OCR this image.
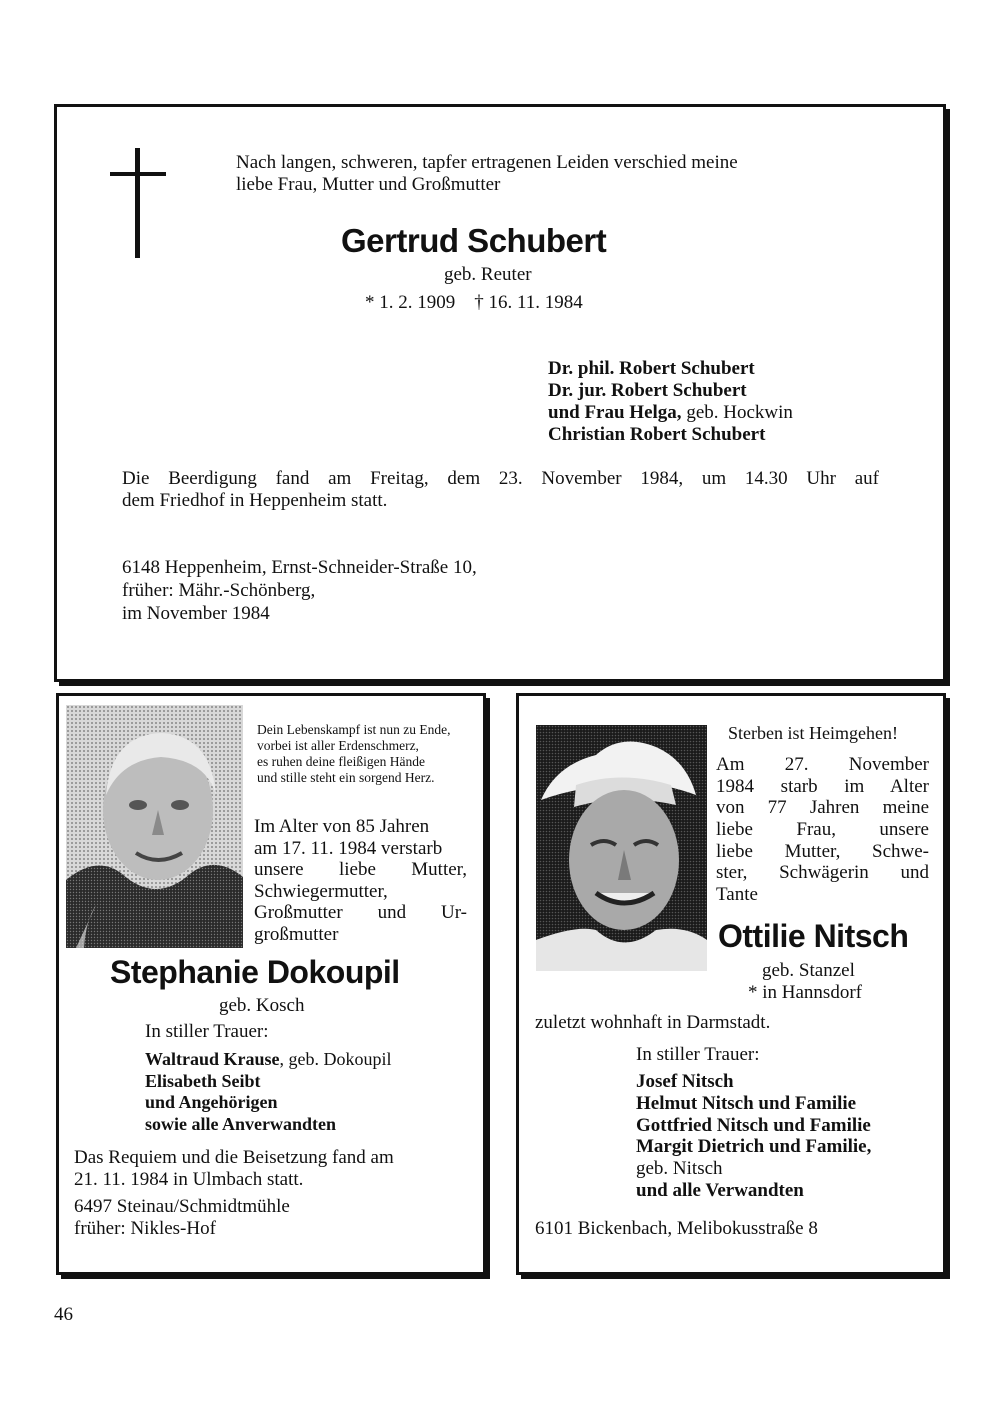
Nach langen, schweren, tapfer ertragenen Leiden verschied meine

liebe Frau, Mutter und Großmutter

Gertrud Schubert

geb. Reuter

* 1. 2. 1909    † 16. 11. 1984

Dr. phil. Robert Schubert
Dr. jur. Robert Schubert
und Frau Helga, geb. Hockwin
Christian Robert Schubert

Die Beerdigung fand am Freitag, dem 23. November 1984, um 14.30 Uhr auf

dem Friedhof in Heppenheim statt.

6148 Heppenheim, Ernst-Schneider-Straße 10,

früher: Mähr.-Schönberg,

im November 1984

Dein Lebenskampf ist nun zu Ende,
vorbei ist aller Erdenschmerz,
es ruhen deine fleißigen Hände
und stille steht ein sorgend Herz.
Im Alter von 85 Jahren
am 17. 11. 1984 verstarb
unsere liebe Mutter,
Schwiegermutter,
Großmutter und Ur-
großmutter

Stephanie Dokoupil

geb. Kosch

In stiller Trauer:

Waltraud Krause, geb. Dokoupil
Elisabeth Seibt
und Angehörigen
sowie alle Anverwandten

Das Requiem und die Beisetzung fand am

21. 11. 1984 in Ulmbach statt.

6497 Steinau/Schmidtmühle

früher: Nikles-Hof

Sterben ist Heimgehen!

Am 27. November
1984 starb im Alter
von 77 Jahren meine
liebe Frau, unsere
liebe Mutter, Schwe-
ster, Schwägerin und
Tante

Ottilie Nitsch

geb. Stanzel

* in Hannsdorf

zuletzt wohnhaft in Darmstadt.

In stiller Trauer:

Josef Nitsch
Helmut Nitsch und Familie
Gottfried Nitsch und Familie
Margit Dietrich und Familie,
geb. Nitsch
und alle Verwandten

6101 Bickenbach, Melibokusstraße 8

46
